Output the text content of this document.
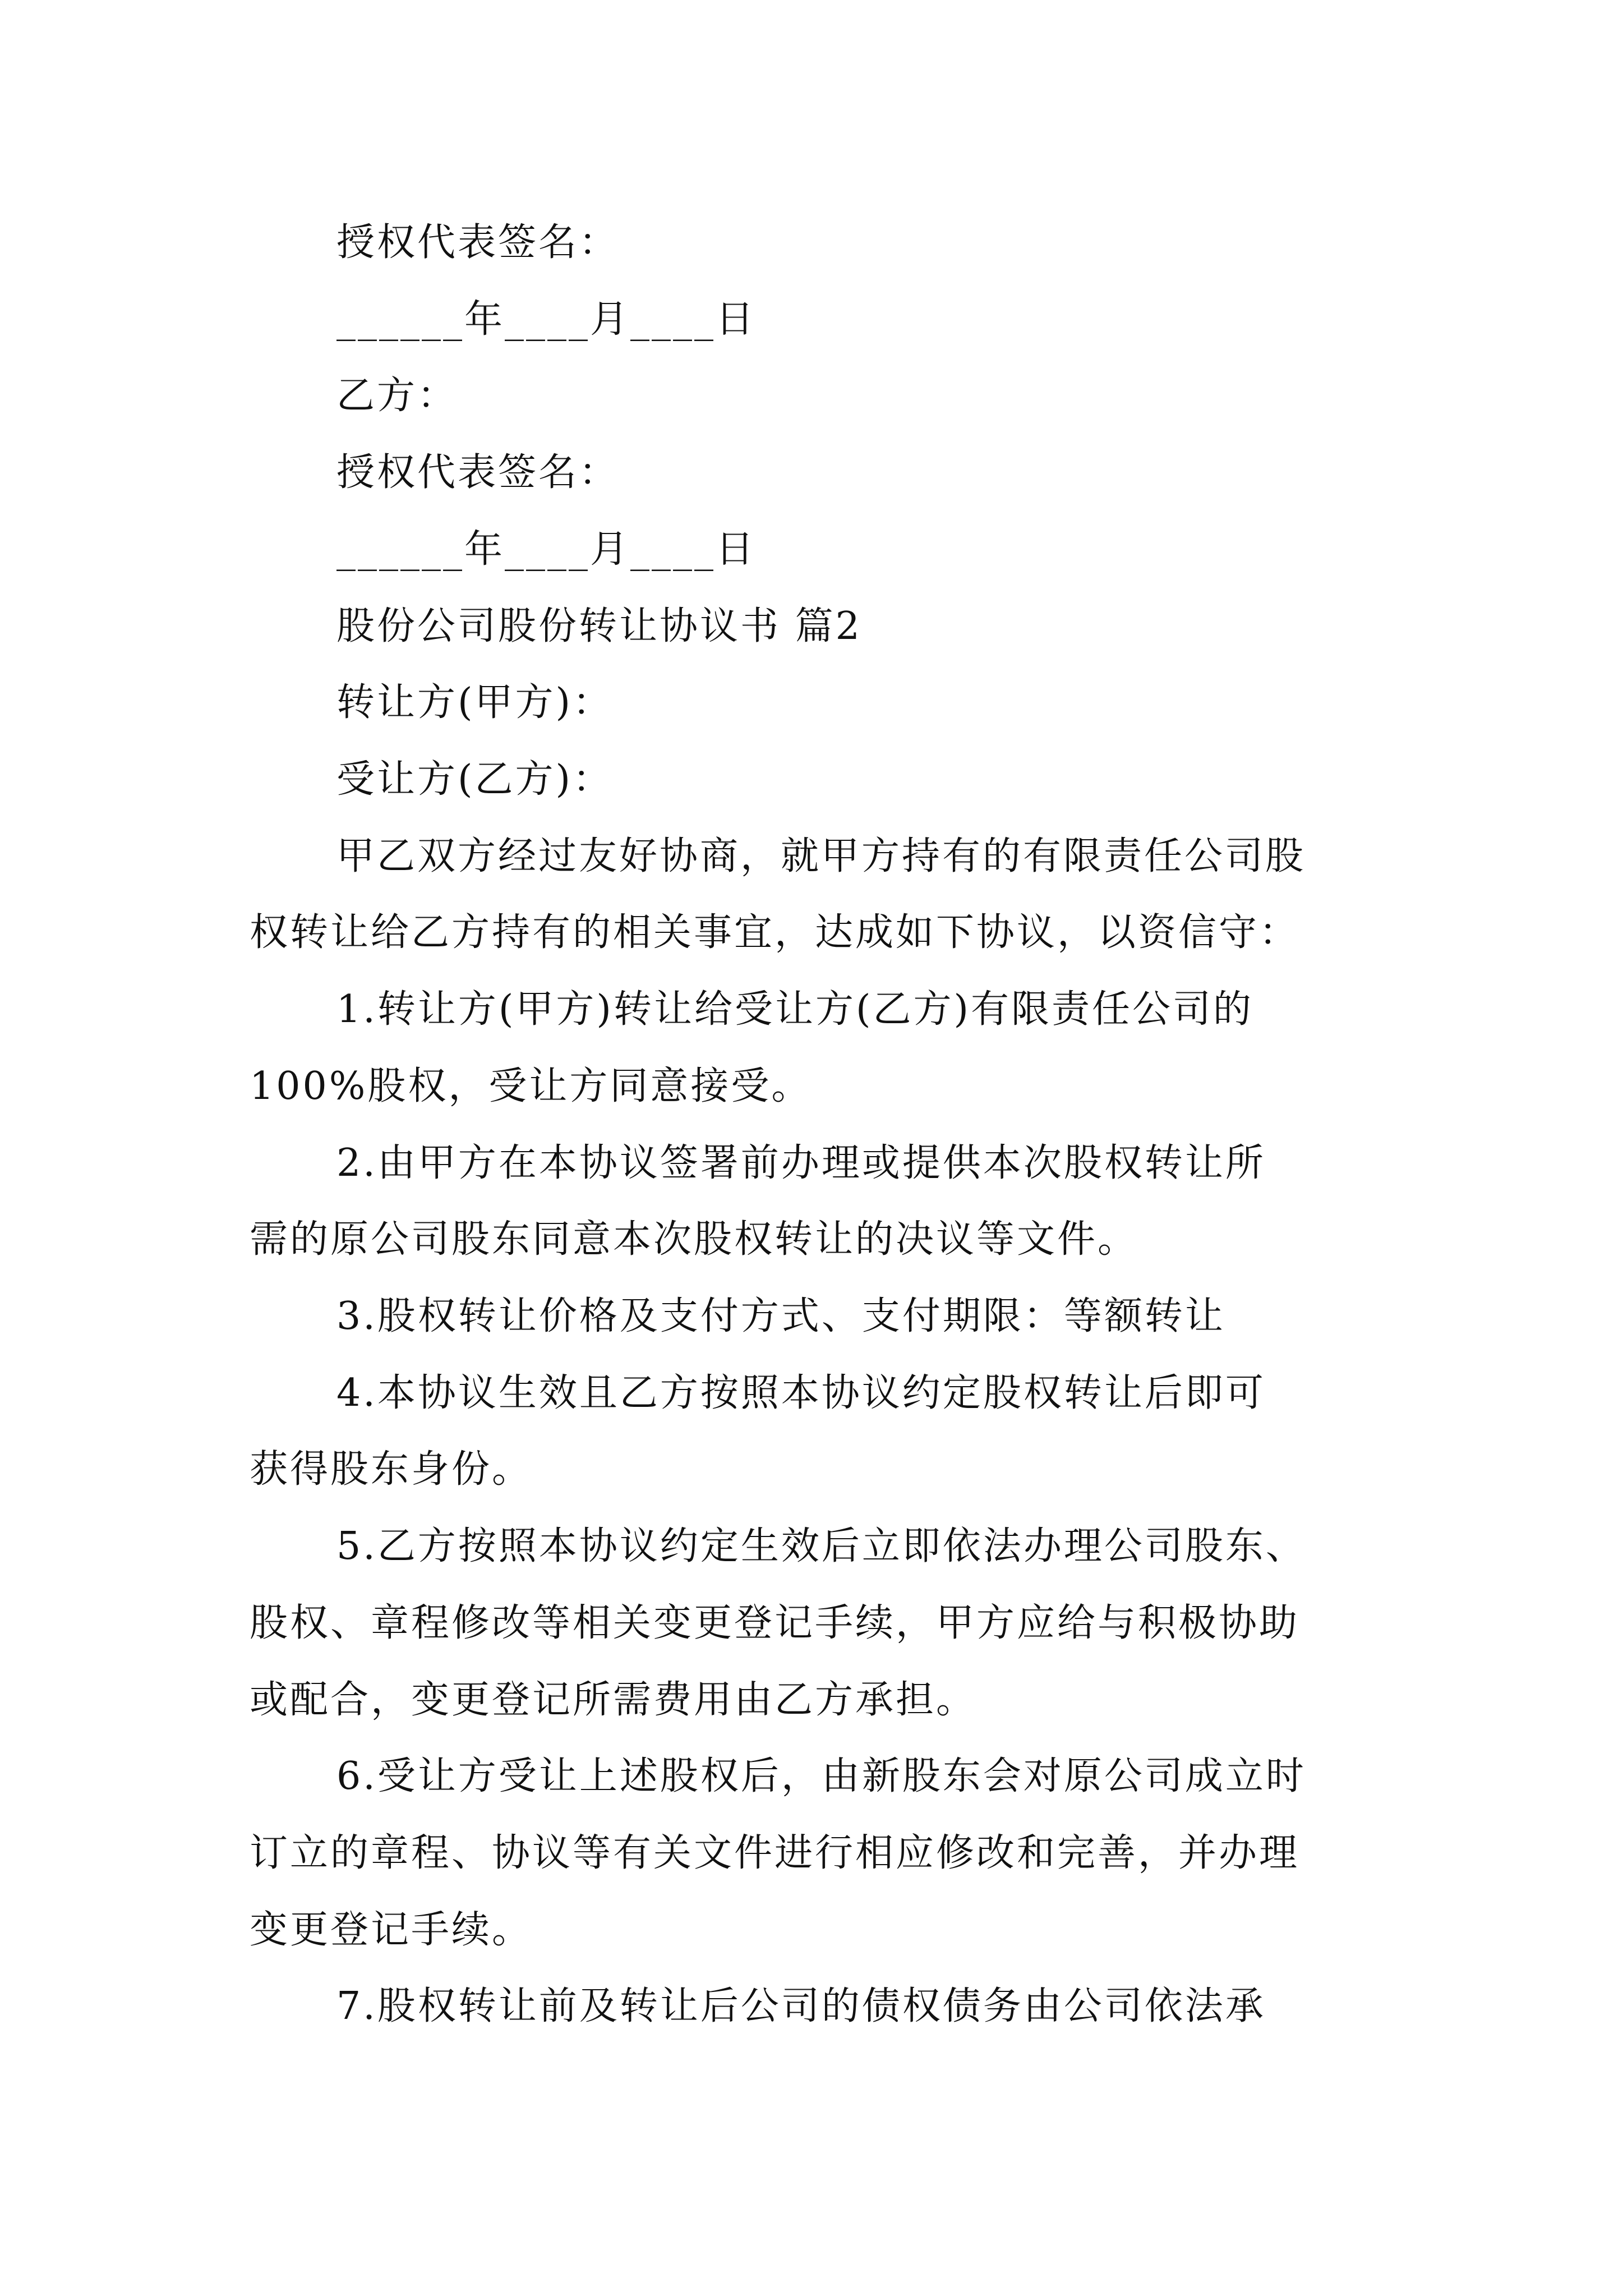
授权代表签名：
______年____月____日
乙方：
授权代表签名：
______年____月____日
股份公司股份转让协议书 篇2
转让方(甲方)：
受让方(乙方)：
甲乙双方经过友好协商，就甲方持有的有限责任公司股
权转让给乙方持有的相关事宜，达成如下协议，以资信守：
1.转让方(甲方)转让给受让方(乙方)有限责任公司的
100%股权，受让方同意接受。
2.由甲方在本协议签署前办理或提供本次股权转让所
需的原公司股东同意本次股权转让的决议等文件。
3.股权转让价格及支付方式、支付期限：等额转让
4.本协议生效且乙方按照本协议约定股权转让后即可
获得股东身份。
5.乙方按照本协议约定生效后立即依法办理公司股东、
股权、章程修改等相关变更登记手续，甲方应给与积极协助
或配合，变更登记所需费用由乙方承担。
6.受让方受让上述股权后，由新股东会对原公司成立时
订立的章程、协议等有关文件进行相应修改和完善，并办理
变更登记手续。
7.股权转让前及转让后公司的债权债务由公司依法承
